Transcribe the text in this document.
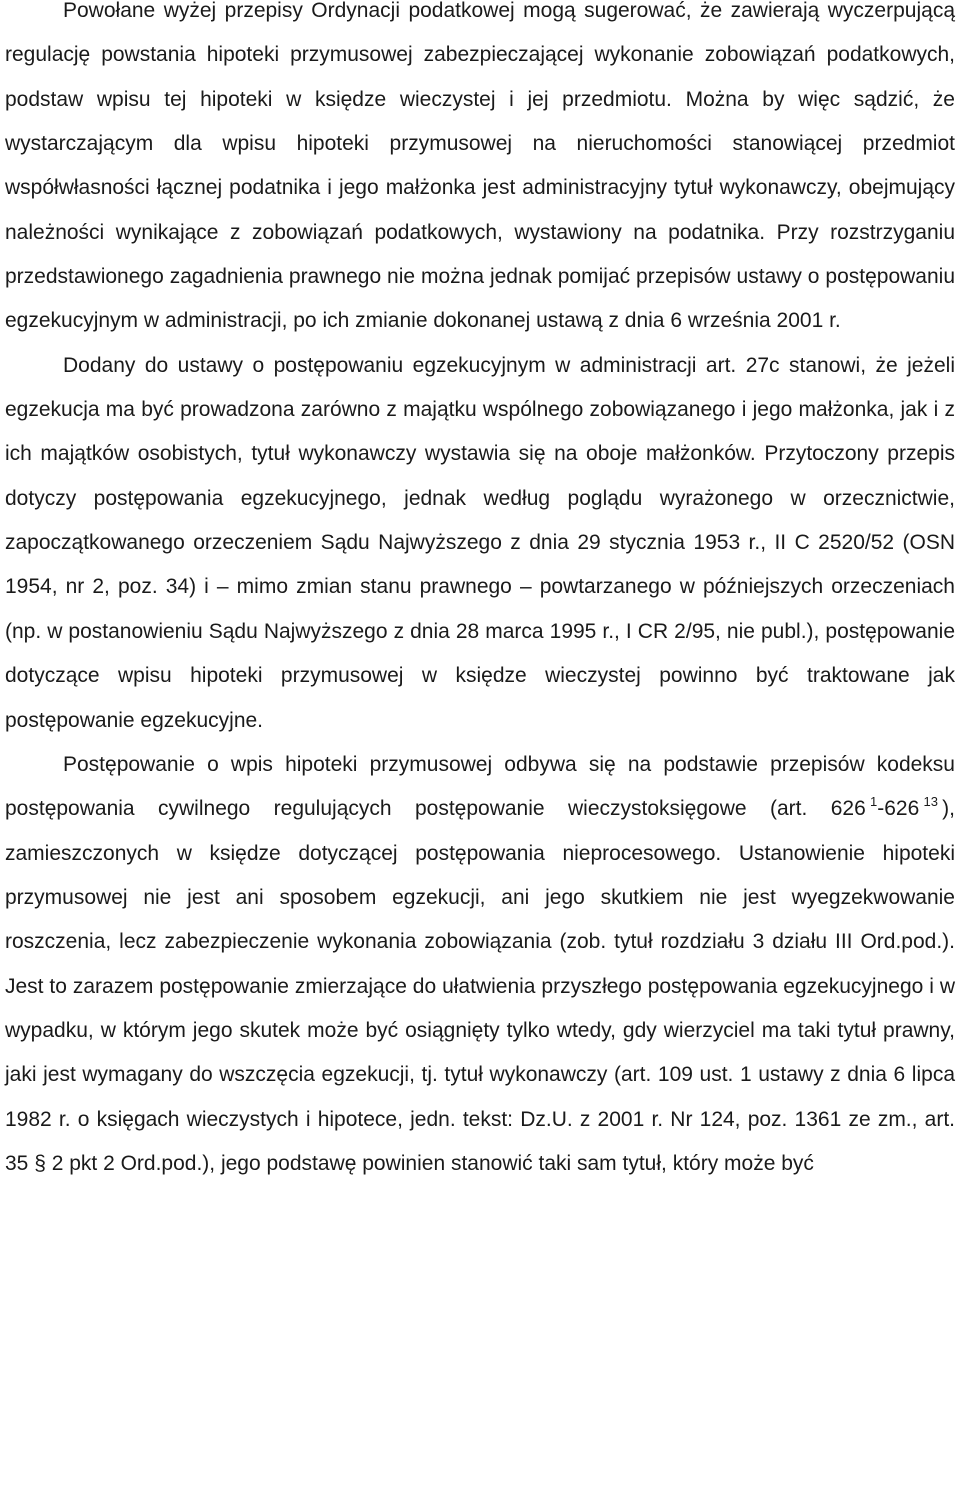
Powołane wyżej przepisy Ordynacji podatkowej mogą sugerować, że zawierają wyczerpującą regulację powstania hipoteki przymusowej zabezpieczającej wykonanie zobowiązań podatkowych, podstaw wpisu tej hipoteki w księdze wieczystej i jej przedmiotu. Można by więc sądzić, że wystarczającym dla wpisu hipoteki przymusowej na nieruchomości stanowiącej przedmiot współwłasności łącznej podatnika i jego małżonka jest administracyjny tytuł wykonawczy, obejmujący należności wynikające z zobowiązań podatkowych, wystawiony na podatnika. Przy rozstrzyganiu przedstawionego zagadnienia prawnego nie można jednak pomijać przepisów ustawy o postępowaniu egzekucyjnym w administracji, po ich zmianie dokonanej ustawą z dnia 6 września 2001 r.

Dodany do ustawy o postępowaniu egzekucyjnym w administracji art. 27c stanowi, że jeżeli egzekucja ma być prowadzona zarówno z majątku wspólnego zobowiązanego i jego małżonka, jak i z ich majątków osobistych, tytuł wykonawczy wystawia się na oboje małżonków. Przytoczony przepis dotyczy postępowania egzekucyjnego, jednak według poglądu wyrażonego w orzecznictwie, zapoczątkowanego orzeczeniem Sądu Najwyższego z dnia 29 stycznia 1953 r., II C 2520/52 (OSN 1954, nr 2, poz. 34) i – mimo zmian stanu prawnego – powtarzanego w późniejszych orzeczeniach (np. w postanowieniu Sądu Najwyższego z dnia 28 marca 1995 r., I CR 2/95, nie publ.), postępowanie dotyczące wpisu hipoteki przymusowej w księdze wieczystej powinno być traktowane jak postępowanie egzekucyjne.

Postępowanie o wpis hipoteki przymusowej odbywa się na podstawie przepisów kodeksu postępowania cywilnego regulujących postępowanie wieczystoksięgowe (art. 626  $^1$-626  $^{13}$  ), zamieszczonych w księdze dotyczącej postępowania nieprocesowego. Ustanowienie hipoteki przymusowej nie jest ani sposobem egzekucji, ani jego skutkiem nie jest wyegzekwowanie roszczenia, lecz zabezpieczenie wykonania zobowiązania (zob. tytuł rozdziału 3 działu III Ord.pod.). Jest to zarazem postępowanie zmierzające do ułatwienia przyszłego postępowania egzekucyjnego i w wypadku, w którym jego skutek może być osiągnięty tylko wtedy, gdy wierzyciel ma taki tytuł prawny, jaki jest wymagany do wszczęcia egzekucji, tj. tytuł wykonawczy (art. 109 ust. 1 ustawy z dnia 6 lipca 1982 r. o księgach wieczystych i hipotece, jedn. tekst: Dz.U. z 2001 r. Nr 124, poz. 1361 ze zm., art. 35 § 2 pkt 2 Ord.pod.), jego podstawę powinien stanowić taki sam tytuł, który może być
